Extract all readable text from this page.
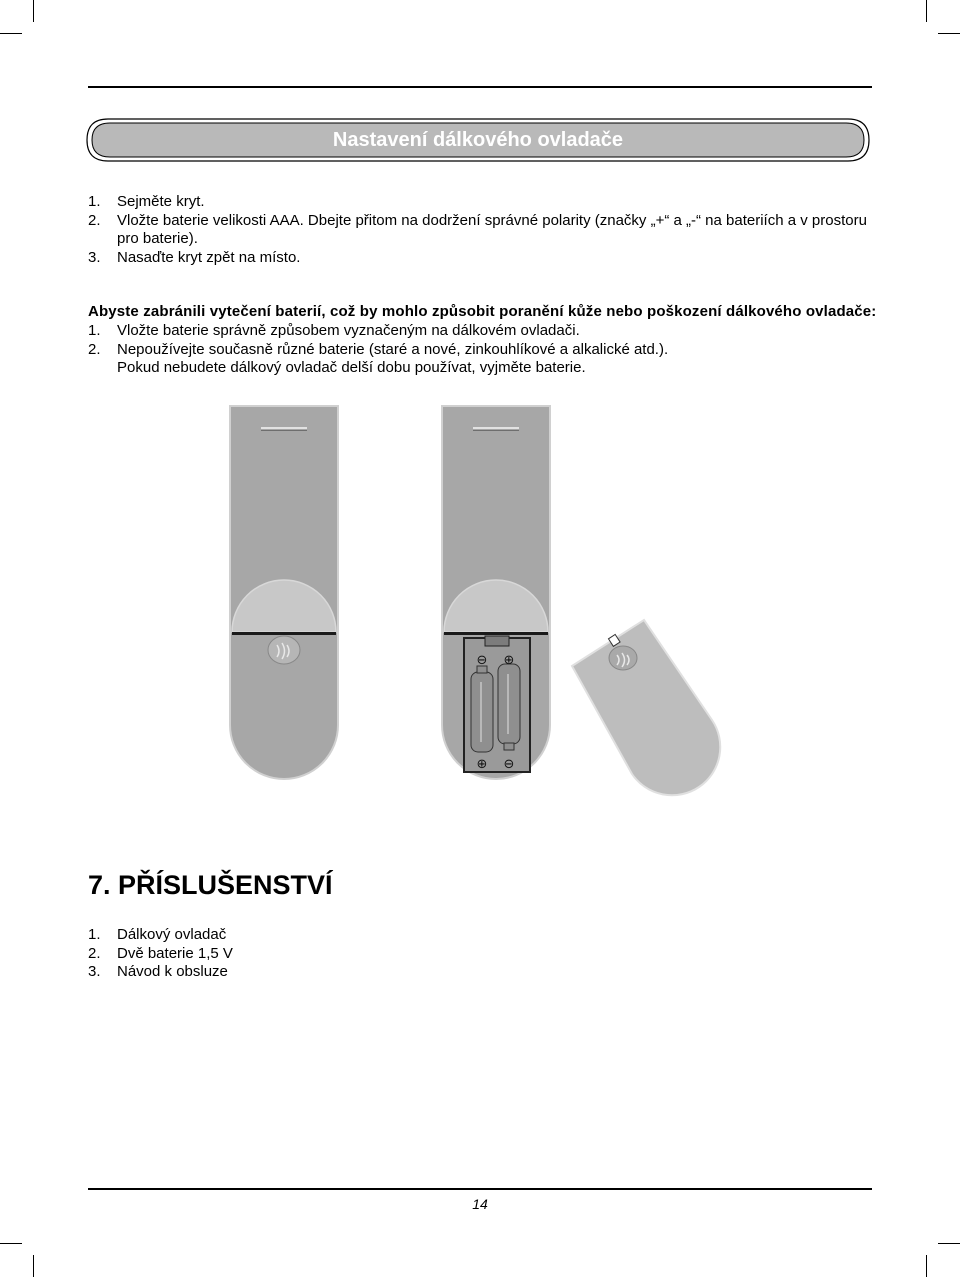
Nastavení dálkového ovladače
1. Sejměte kryt.
2. Vložte baterie velikosti AAA. Dbejte přitom na dodržení správné polarity (značky „+“ a „-“ na bateriích a v prostoru pro baterie).
3. Nasaďte kryt zpět na místo.
Abyste zabránili vytečení baterií, což by mohlo způsobit poranění kůže nebo poškození dálkového ovladače:
1. Vložte baterie správně způsobem vyznačeným na dálkovém ovladači.
2. Nepoužívejte současně různé baterie (staré a nové, zinkouhlíkové a alkalické atd.).
Pokud nebudete dálkový ovladač delší dobu používat, vyjměte baterie.
⊖ ⊕
⊕ ⊖
7. PŘÍSLUŠENSTVÍ
1. Dálkový ovladač
2. Dvě baterie 1,5 V
3. Návod k obsluze
14
